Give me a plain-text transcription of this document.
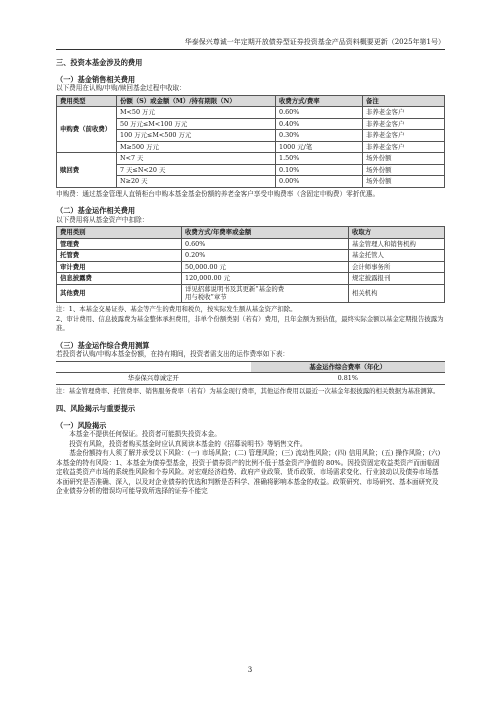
华泰保兴尊诚一年定期开放债券型证券投资基金产品资料概要更新（2025年第1号）
三、投资本基金涉及的费用
（一）基金销售相关费用
以下费用在认购/申购/赎回基金过程中收取：
费用类型	份额（S）或金额（M）/持有期限（N）	收费方式/费率	备注
申购费（前收费）	M<50 万元	0.60%	非养老金客户
	50 万元≤M<100 万元	0.40%	非养老金客户
	100 万元≤M<500 万元	0.30%	非养老金客户
	M≥500 万元	1000 元/笔	非养老金客户
赎回费	N<7 天	1.50%	场外份额
	7 天≤N<20 天	0.10%	场外份额
	N≥20 天	0.00%	场外份额
申购费：通过基金管理人直销柜台申购本基金基金份额的养老金客户享受申购费率（含固定申购费）零折优惠。
（二）基金运作相关费用
以下费用将从基金资产中扣除：
费用类别	收费方式/年费率或金额	收取方
管理费	0.60%	基金管理人和销售机构
托管费	0.20%	基金托管人
审计费用	50,000.00 元	会计师事务所
信息披露费	120,000.00 元	规定披露报刊
其他费用	详见招募说明书及其更新“基金的费
用与税收”章节	相关机构
注：1、本基金交易证券、基金等产生的费用和税负，按实际发生额从基金资产扣除。
2、审计费用、信息披露费为基金整体承担费用，非单个份额类别（若有）费用，且年金额为预估值，最终实际金额以基金定期报告披露为准。
（三）基金运作综合费用测算
若投资者认购/申购本基金份额，在持有期间，投资者需支出的运作费率如下表：
	基金运作综合费率（年化）
华泰保兴尊诚定开	0.81%
注：基金管理费率、托管费率、销售服务费率（若有）为基金现行费率，其他运作费用以最近一次基金年报披露的相关数据为基准测算。
四、风险揭示与重要提示
（一）风险揭示
本基金不提供任何保证。投资者可能损失投资本金。
投资有风险，投资者购买基金时应认真阅读本基金的《招募说明书》等销售文件。
基金份额持有人须了解并承受以下风险：(一) 市场风险；(二) 管理风险；(三) 流动性风险；(四) 信用风险；(五) 操作风险；(六) 本基金的特有风险：1、本基金为债券型基金，投资于债券资产的比例不低于基金资产净值的 80%。因投资固定收益类资产而面临固定收益类资产市场的系统性风险和个券风险。对宏观经济趋势、政府产业政策、货币政策、市场需求变化、行业波动以及债券市场基本面研究是否准确、深入，以及对企业债券的优选和判断是否科学、准确将影响本基金的收益。政策研究、市场研究、基本面研究及企业债券分析的错误均可能导致所选择的证券不能完
3
